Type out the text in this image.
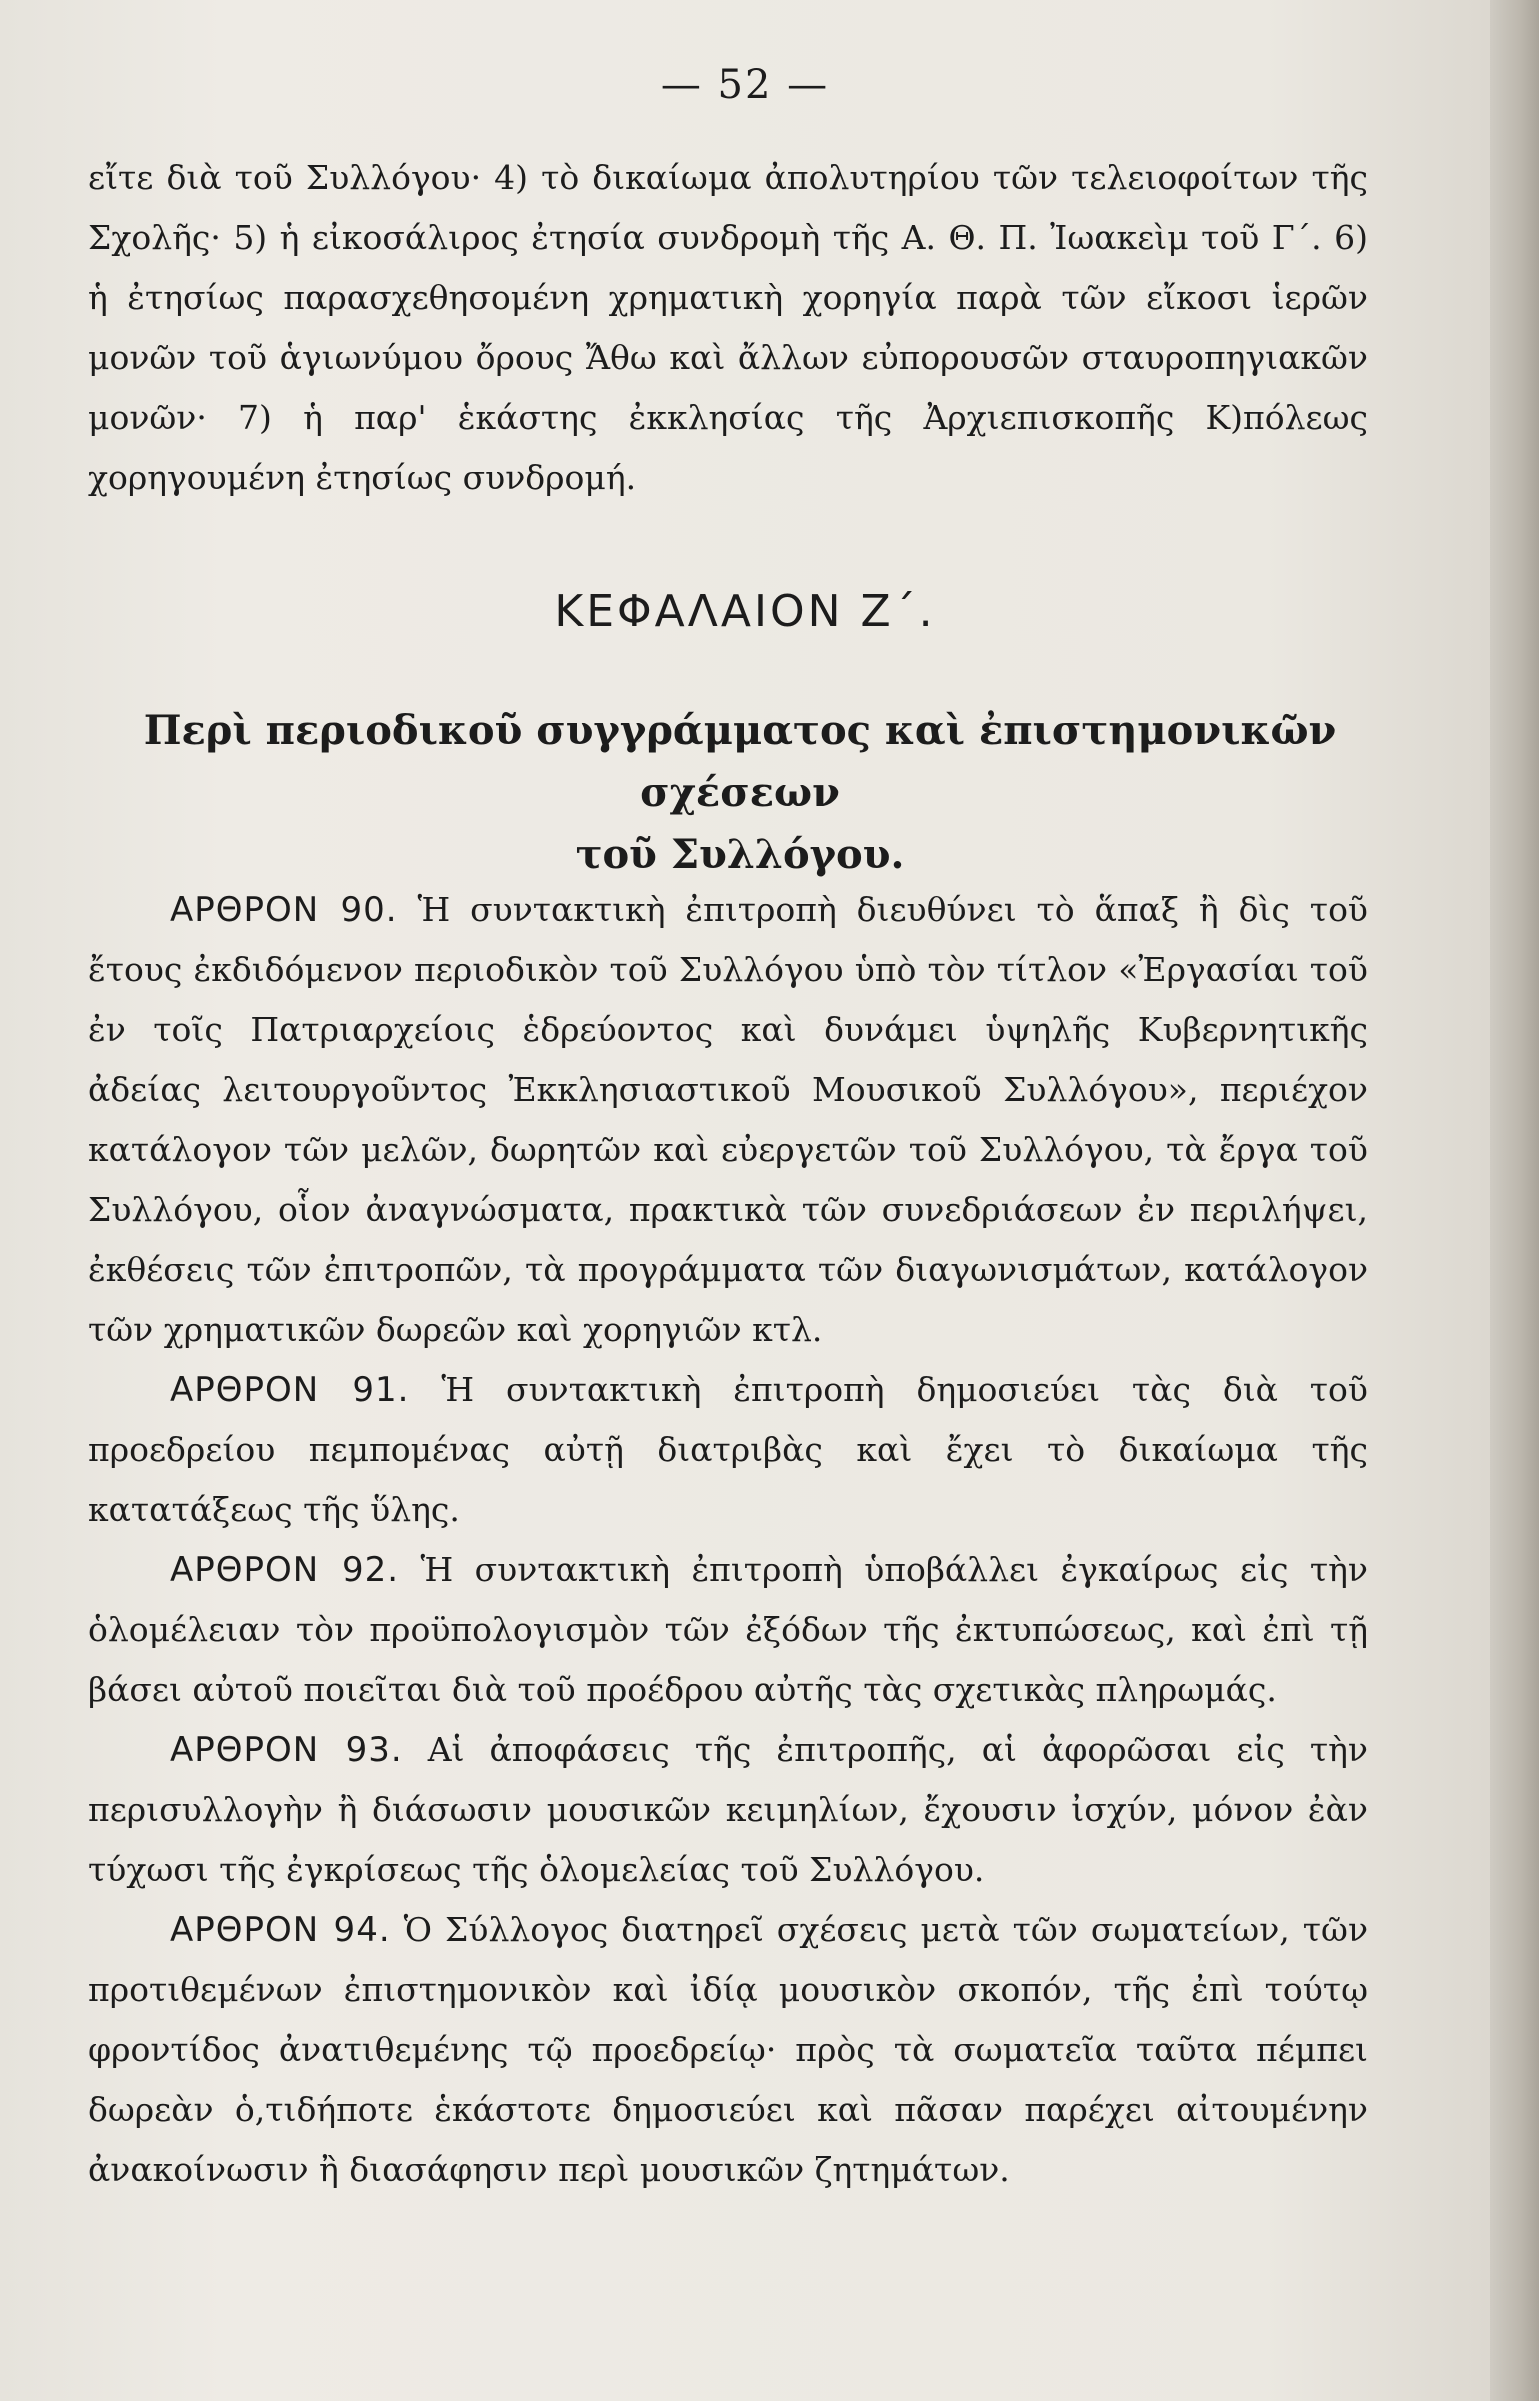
— 52 —

εἴτε διὰ τοῦ Συλλόγου· 4) τὸ δικαίωμα ἀπολυτηρίου τῶν τελειοφοίτων τῆς Σχολῆς· 5) ἡ εἰκοσάλιρος ἐτησία συνδρομὴ τῆς Α. Θ. Π. Ἰωακεὶμ τοῦ Γ΄. 6) ἡ ἐτησίως παρασχεθησομένη χρηματικὴ χορηγία παρὰ τῶν εἴκοσι ἱερῶν μονῶν τοῦ ἁγιωνύμου ὄρους Ἄθω καὶ ἄλλων εὐπορουσῶν σταυροπηγιακῶν μονῶν· 7) ἡ παρ' ἑκάστης ἐκκλησίας τῆς Ἀρχιεπισκοπῆς Κ)πόλεως χορηγουμένη ἐτησίως συνδρομή.

ΚΕΦΑΛΑΙΟΝ Ζ΄.
Περὶ περιοδικοῦ συγγράμματος καὶ ἐπιστημονικῶν σχέσεων
τοῦ Συλλόγου.

ΑΡΘΡΟΝ 90. Ἡ συντακτικὴ ἐπιτροπὴ διευθύνει τὸ ἅπαξ ἢ δὶς τοῦ ἔτους ἐκδιδόμενον περιοδικὸν τοῦ Συλλόγου ὑπὸ τὸν τίτλον «Ἐργασίαι τοῦ ἐν τοῖς Πατριαρχείοις ἑδρεύοντος καὶ δυνάμει ὑψηλῆς Κυβερνητικῆς ἀδείας λειτουργοῦντος Ἐκκλησιαστικοῦ Μουσικοῦ Συλλόγου», περιέχον κατάλογον τῶν μελῶν, δωρητῶν καὶ εὐεργετῶν τοῦ Συλλόγου, τὰ ἔργα τοῦ Συλλόγου, οἷον ἀναγνώσματα, πρακτικὰ τῶν συνεδριάσεων ἐν περιλήψει, ἐκθέσεις τῶν ἐπιτροπῶν, τὰ προγράμματα τῶν διαγωνισμάτων, κατάλογον τῶν χρηματικῶν δωρεῶν καὶ χορηγιῶν κτλ.

ΑΡΘΡΟΝ 91. Ἡ συντακτικὴ ἐπιτροπὴ δημοσιεύει τὰς διὰ τοῦ προεδρείου πεμπομένας αὐτῇ διατριβὰς καὶ ἔχει τὸ δικαίωμα τῆς κατατάξεως τῆς ὕλης.

ΑΡΘΡΟΝ 92. Ἡ συντακτικὴ ἐπιτροπὴ ὑποβάλλει ἐγκαίρως εἰς τὴν ὁλομέλειαν τὸν προϋπολογισμὸν τῶν ἐξόδων τῆς ἐκτυπώσεως, καὶ ἐπὶ τῇ βάσει αὐτοῦ ποιεῖται διὰ τοῦ προέδρου αὐτῆς τὰς σχετικὰς πληρωμάς.

ΑΡΘΡΟΝ 93. Αἱ ἀποφάσεις τῆς ἐπιτροπῆς, αἱ ἀφορῶσαι εἰς τὴν περισυλλογὴν ἢ διάσωσιν μουσικῶν κειμηλίων, ἔχουσιν ἰσχύν, μόνον ἐὰν τύχωσι τῆς ἐγκρίσεως τῆς ὁλομελείας τοῦ Συλλόγου.

ΑΡΘΡΟΝ 94. Ὁ Σύλλογος διατηρεῖ σχέσεις μετὰ τῶν σωματείων, τῶν προτιθεμένων ἐπιστημονικὸν καὶ ἰδίᾳ μουσικὸν σκοπόν, τῆς ἐπὶ τούτῳ φροντίδος ἀνατιθεμένης τῷ προεδρείῳ· πρὸς τὰ σωματεῖα ταῦτα πέμπει δωρεὰν ὁ,τιδήποτε ἑκάστοτε δημοσιεύει καὶ πᾶσαν παρέχει αἰτουμένην ἀνακοίνωσιν ἢ διασάφησιν περὶ μουσικῶν ζητημάτων.
